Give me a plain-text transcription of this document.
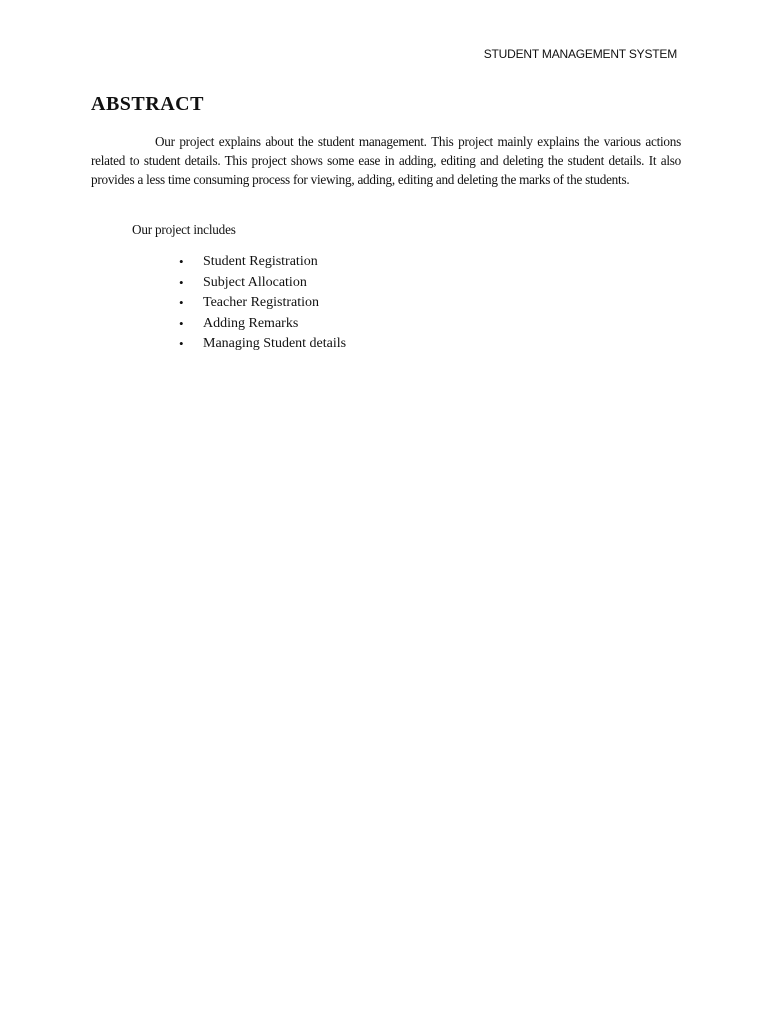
STUDENT MANAGEMENT SYSTEM
ABSTRACT

Our project explains about the student management. This project mainly explains the various actions related to student details. This project shows some ease in adding, editing and deleting the student details. It also provides a less time consuming process for viewing, adding, editing and deleting the marks of the students.

Our project includes

• Student Registration
• Subject Allocation
• Teacher Registration
• Adding Remarks
• Managing Student details
